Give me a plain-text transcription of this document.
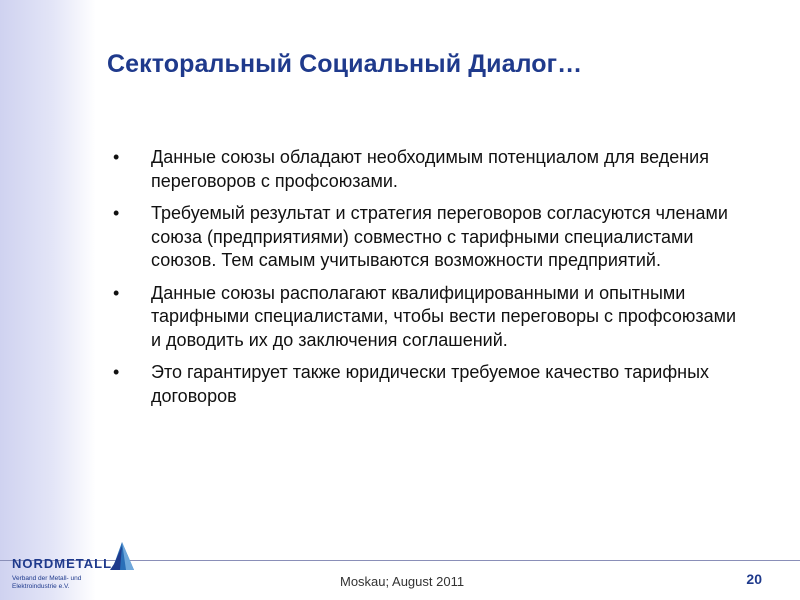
Секторальный Социальный Диалог…
• Данные союзы обладают необходимым потенциалом для ведения переговоров с профсоюзами.
• Требуемый результат и стратегия переговоров согласуются членами союза (предприятиями) совместно с тарифными специалистами союзов. Тем самым учитываются возможности предприятий.
• Данные союзы располагают квалифицированными и опытными тарифными специалистами, чтобы вести переговоры с профсоюзами и доводить их до заключения соглашений.
• Это гарантирует также юридически требуемое качество тарифных договоров
NORDMETALL
Verband der Metall- und Elektroindustrie e.V.	Moskau; August 2011	20
